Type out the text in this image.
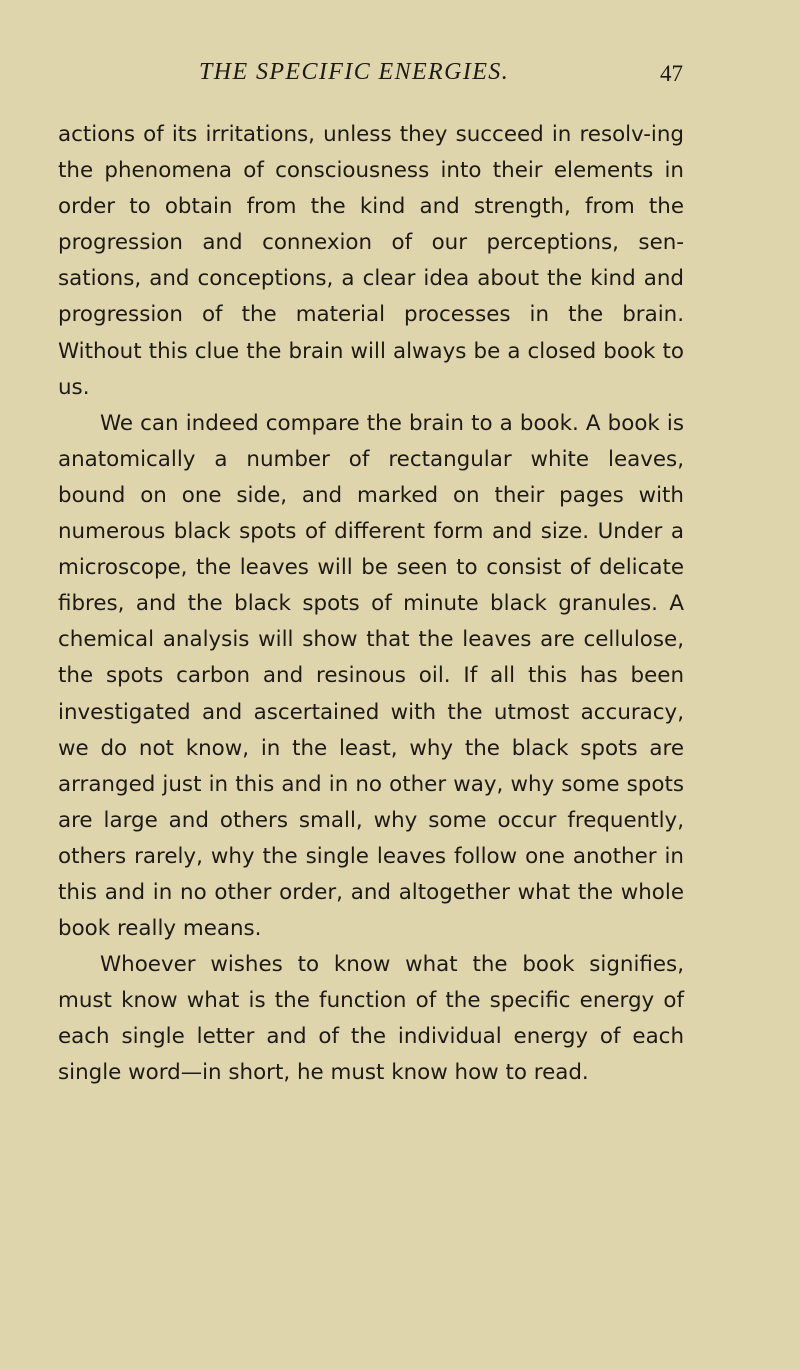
THE SPECIFIC ENERGIES.	47

actions of its irritations, unless they succeed in resolv-ing the phenomena of consciousness into their elements in order to obtain from the kind and strength, from the progression and connexion of our perceptions, sen-sations, and conceptions, a clear idea about the kind and progression of the material processes in the brain. Without this clue the brain will always be a closed book to us.

We can indeed compare the brain to a book. A book is anatomically a number of rectangular white leaves, bound on one side, and marked on their pages with numerous black spots of different form and size. Under a microscope, the leaves will be seen to consist of delicate fibres, and the black spots of minute black granules. A chemical analysis will show that the leaves are cellulose, the spots carbon and resinous oil. If all this has been investigated and ascertained with the utmost accuracy, we do not know, in the least, why the black spots are arranged just in this and in no other way, why some spots are large and others small, why some occur frequently, others rarely, why the single leaves follow one another in this and in no other order, and altogether what the whole book really means.

Whoever wishes to know what the book signifies, must know what is the function of the specific energy of each single letter and of the individual energy of each single word—in short, he must know how to read.
